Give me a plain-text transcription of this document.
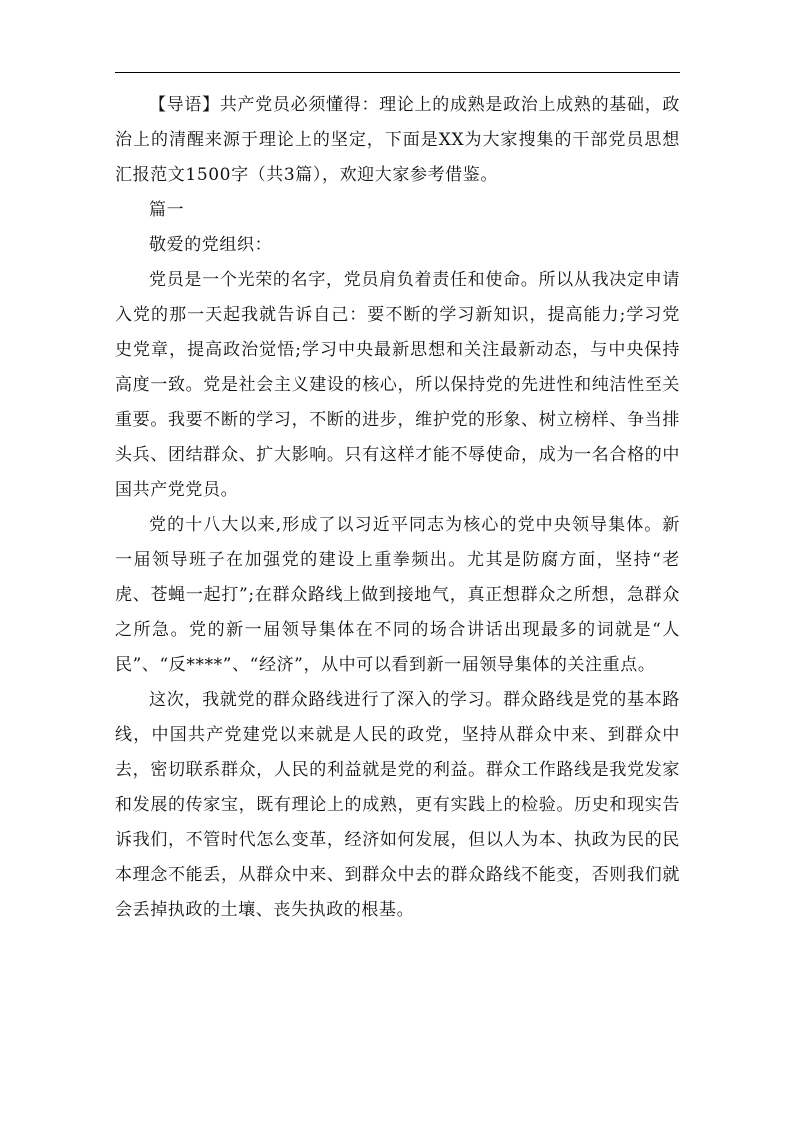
【导语】共产党员必须懂得：理论上的成熟是政治上成熟的基础，政治上的清醒来源于理论上的坚定，下面是XX为大家搜集的干部党员思想汇报范文1500字（共3篇），欢迎大家参考借鉴。

篇一

敬爱的党组织：

党员是一个光荣的名字，党员肩负着责任和使命。所以从我决定申请入党的那一天起我就告诉自己：要不断的学习新知识，提高能力;学习党史党章，提高政治觉悟;学习中央最新思想和关注最新动态，与中央保持高度一致。党是社会主义建设的核心，所以保持党的先进性和纯洁性至关重要。我要不断的学习，不断的进步，维护党的形象、树立榜样、争当排头兵、团结群众、扩大影响。只有这样才能不辱使命，成为一名合格的中国共产党党员。

党的十八大以来,形成了以习近平同志为核心的党中央领导集体。新一届领导班子在加强党的建设上重拳频出。尤其是防腐方面，坚持“老虎、苍蝇一起打”;在群众路线上做到接地气，真正想群众之所想，急群众之所急。党的新一届领导集体在不同的场合讲话出现最多的词就是“人民”、“反****”、“经济”，从中可以看到新一届领导集体的关注重点。

这次，我就党的群众路线进行了深入的学习。群众路线是党的基本路线，中国共产党建党以来就是人民的政党，坚持从群众中来、到群众中去，密切联系群众，人民的利益就是党的利益。群众工作路线是我党发家和发展的传家宝，既有理论上的成熟，更有实践上的检验。历史和现实告诉我们，不管时代怎么变革，经济如何发展，但以人为本、执政为民的民本理念不能丢，从群众中来、到群众中去的群众路线不能变，否则我们就会丢掉执政的土壤、丧失执政的根基。
